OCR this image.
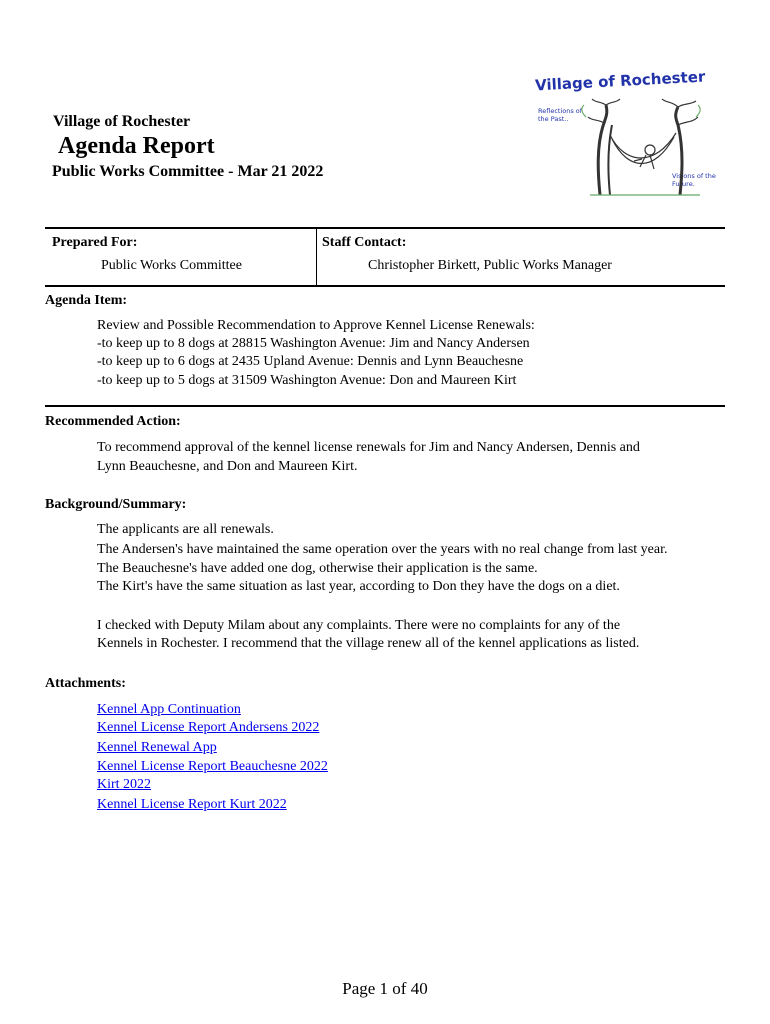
Village of Rochester
Agenda Report
Public Works Committee - Mar 21 2022
Village of Rochester
Reflections of the Past..
Visions of the Future.
Prepared For:
Public Works Committee
Staff Contact:
Christopher Birkett, Public Works Manager
Agenda Item:
Review and Possible Recommendation to Approve Kennel License Renewals:
-to keep up to 8 dogs at 28815 Washington Avenue: Jim and Nancy Andersen
-to keep up to 6 dogs at 2435 Upland Avenue: Dennis and Lynn Beauchesne
-to keep up to 5 dogs at 31509 Washington Avenue: Don and Maureen Kirt
Recommended Action:
To recommend approval of the kennel license renewals for Jim and Nancy Andersen, Dennis and
Lynn Beauchesne, and Don and Maureen Kirt.
Background/Summary:
The applicants are all renewals.
The Andersen's have maintained the same operation over the years with no real change from last year.
The Beauchesne's have added one dog, otherwise their application is the same.
The Kirt's have the same situation as last year, according to Don they have the dogs on a diet.
I checked with Deputy Milam about any complaints. There were no complaints for any of the
Kennels in Rochester. I recommend that the village renew all of the kennel applications as listed.
Attachments:
Kennel App Continuation
Kennel License Report Andersens 2022
Kennel Renewal App
Kennel License Report Beauchesne 2022
Kirt 2022
Kennel License Report Kurt 2022
Page 1 of 40
